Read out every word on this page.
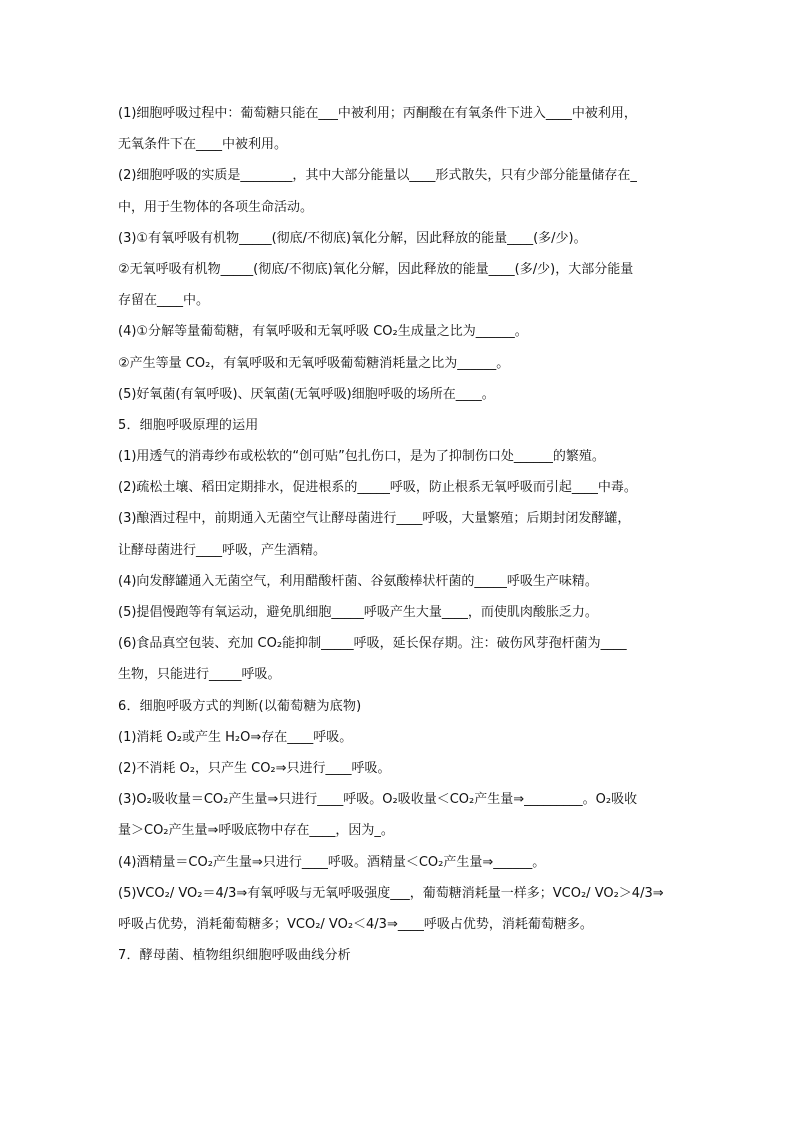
(1)细胞呼吸过程中：葡萄糖只能在___中被利用；丙酮酸在有氧条件下进入____中被利用，
无氧条件下在____中被利用。
(2)细胞呼吸的实质是________，其中大部分能量以____形式散失，只有少部分能量储存在_
中，用于生物体的各项生命活动。
(3)①有氧呼吸有机物_____(彻底/不彻底)氧化分解，因此释放的能量____(多/少)。
②无氧呼吸有机物_____(彻底/不彻底)氧化分解，因此释放的能量____(多/少)，大部分能量
存留在____中。
(4)①分解等量葡萄糖，有氧呼吸和无氧呼吸 CO₂生成量之比为______。
②产生等量 CO₂，有氧呼吸和无氧呼吸葡萄糖消耗量之比为______。
(5)好氧菌(有氧呼吸)、厌氧菌(无氧呼吸)细胞呼吸的场所在____。
5．细胞呼吸原理的运用
(1)用透气的消毒纱布或松软的“创可贴”包扎伤口，是为了抑制伤口处______的繁殖。
(2)疏松土壤、稻田定期排水，促进根系的_____呼吸，防止根系无氧呼吸而引起____中毒。
(3)酿酒过程中，前期通入无菌空气让酵母菌进行____呼吸，大量繁殖；后期封闭发酵罐，
让酵母菌进行____呼吸，产生酒精。
(4)向发酵罐通入无菌空气，利用醋酸杆菌、谷氨酸棒状杆菌的_____呼吸生产味精。
(5)提倡慢跑等有氧运动，避免肌细胞_____呼吸产生大量____，而使肌肉酸胀乏力。
(6)食品真空包装、充加 CO₂能抑制_____呼吸，延长保存期。注：破伤风芽孢杆菌为____
生物，只能进行_____呼吸。
6．细胞呼吸方式的判断(以葡萄糖为底物)
(1)消耗 O₂或产生 H₂O⇒存在____呼吸。
(2)不消耗 O₂，只产生 CO₂⇒只进行____呼吸。
(3)O₂吸收量＝CO₂产生量⇒只进行____呼吸。O₂吸收量＜CO₂产生量⇒_________。O₂吸收
量＞CO₂产生量⇒呼吸底物中存在____，因为_。
(4)酒精量＝CO₂产生量⇒只进行____呼吸。酒精量＜CO₂产生量⇒______。
(5)VCO₂/ VO₂＝4/3⇒有氧呼吸与无氧呼吸强度___，葡萄糖消耗量一样多；VCO₂/ VO₂＞4/3⇒
呼吸占优势，消耗葡萄糖多；VCO₂/ VO₂＜4/3⇒____呼吸占优势，消耗葡萄糖多。
7．酵母菌、植物组织细胞呼吸曲线分析
